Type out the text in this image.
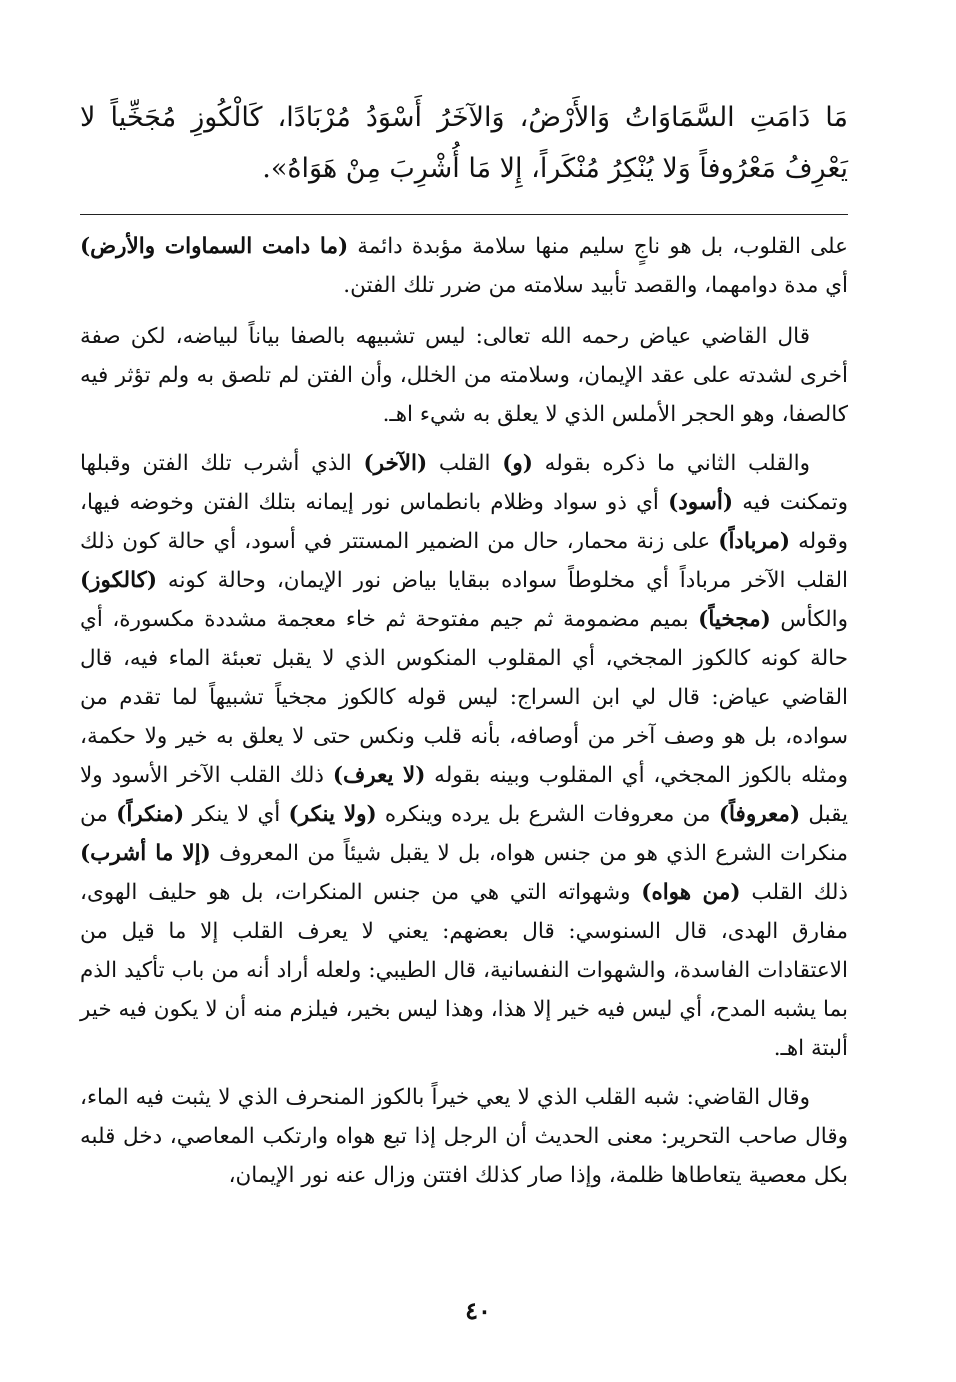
مَا دَامَتِ السَّمَاوَاتُ وَالأَرْضُ، وَالآخَرُ أَسْوَدُ مُرْبَادًا، كَالْكُوزِ مُجَخِّياً لا يَعْرِفُ مَعْرُوفاً وَلا يُنْكِرُ مُنْكَراً، إِلا مَا أُشْرِبَ مِنْ هَوَاهُ».

على القلوب، بل هو ناجٍ سليم منها سلامة مؤبدة دائمة (ما دامت السماوات والأرض) أي مدة دوامهما، والقصد تأبيد سلامته من ضرر تلك الفتن.

قال القاضي عياض رحمه الله تعالى: ليس تشبيهه بالصفا بياناً لبياضه، لكن صفة أخرى لشدته على عقد الإيمان، وسلامته من الخلل، وأن الفتن لم تلصق به ولم تؤثر فيه كالصفا، وهو الحجر الأملس الذي لا يعلق به شيء اهـ.

والقلب الثاني ما ذكره بقوله (و) القلب (الآخر) الذي أشرب تلك الفتن وقبلها وتمكنت فيه (أسود) أي ذو سواد وظلام بانطماس نور إيمانه بتلك الفتن وخوضه فيها، وقوله (مرباداً) على زنة محمار، حال من الضمير المستتر في أسود، أي حالة كون ذلك القلب الآخر مرباداً أي مخلوطاً سواده ببقايا بياض نور الإيمان، وحالة كونه (كالكوز) والكأس (مجخياً) بميم مضمومة ثم جيم مفتوحة ثم خاء معجمة مشددة مكسورة، أي حالة كونه كالكوز المجخي، أي المقلوب المنكوس الذي لا يقبل تعبئة الماء فيه، قال القاضي عياض: قال لي ابن السراج: ليس قوله كالكوز مجخياً تشبيهاً لما تقدم من سواده، بل هو وصف آخر من أوصافه، بأنه قلب ونكس حتى لا يعلق به خير ولا حكمة، ومثله بالكوز المجخي، أي المقلوب وبينه بقوله (لا يعرف) ذلك القلب الآخر الأسود ولا يقبل (معروفاً) من معروفات الشرع بل يرده وينكره (ولا ينكر) أي لا ينكر (منكراً) من منكرات الشرع الذي هو من جنس هواه، بل لا يقبل شيئاً من المعروف (إلا ما أشرب) ذلك القلب (من هواه) وشهواته التي هي من جنس المنكرات، بل هو حليف الهوى، مفارق الهدى، قال السنوسي: قال بعضهم: يعني لا يعرف القلب إلا ما قيل من الاعتقادات الفاسدة، والشهوات النفسانية، قال الطيبي: ولعله أراد أنه من باب تأكيد الذم بما يشبه المدح، أي ليس فيه خير إلا هذا، وهذا ليس بخير، فيلزم منه أن لا يكون فيه خير ألبتة اهـ.

وقال القاضي: شبه القلب الذي لا يعي خيراً بالكوز المنحرف الذي لا يثبت فيه الماء، وقال صاحب التحرير: معنى الحديث أن الرجل إذا تبع هواه وارتكب المعاصي، دخل قلبه بكل معصية يتعاطاها ظلمة، وإذا صار كذلك افتتن وزال عنه نور الإيمان،

٤٠
